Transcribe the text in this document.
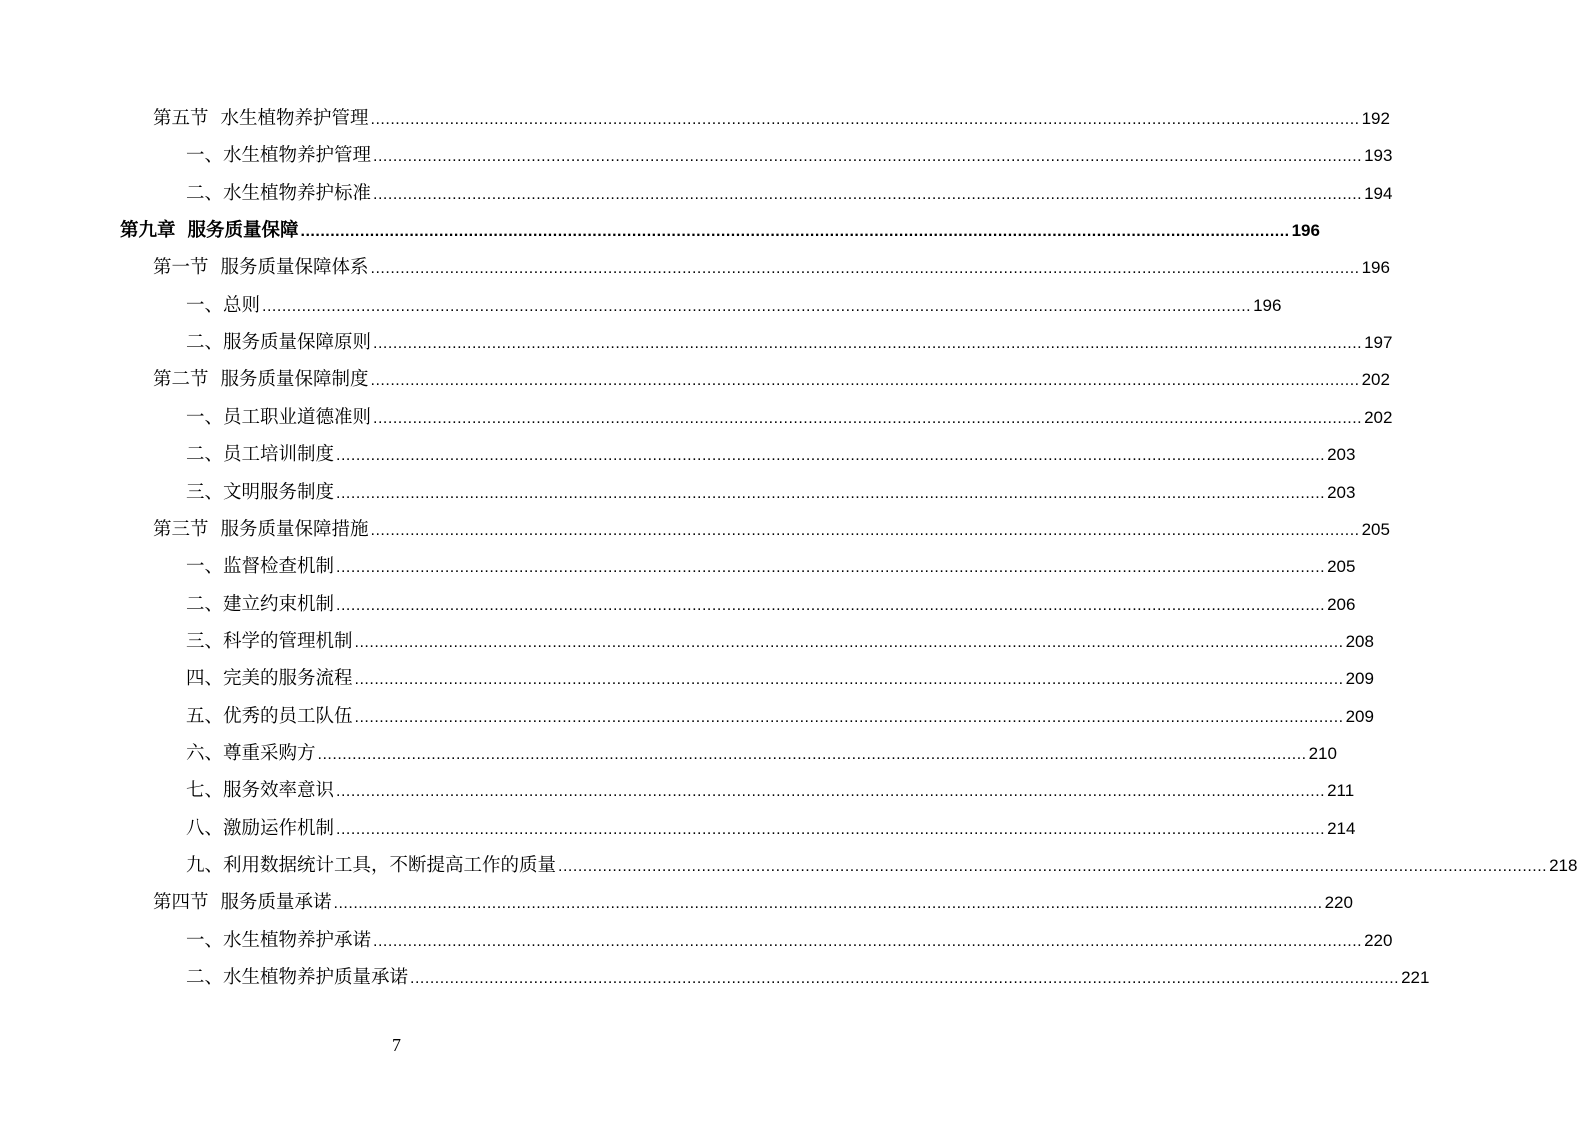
第五节 水生植物养护管理 ........................................................................................................................................................................................................ 192
一、水生植物养护管理 ........................................................................................................................................................................................................ 193
二、水生植物养护标准 ........................................................................................................................................................................................................ 194
第九章 服务质量保障 ........................................................................................................................................................................................................ 196
第一节 服务质量保障体系 ........................................................................................................................................................................................................ 196
一、总则 ........................................................................................................................................................................................................ 196
二、服务质量保障原则 ........................................................................................................................................................................................................ 197
第二节 服务质量保障制度 ........................................................................................................................................................................................................ 202
一、员工职业道德准则 ........................................................................................................................................................................................................ 202
二、员工培训制度 ........................................................................................................................................................................................................ 203
三、文明服务制度 ........................................................................................................................................................................................................ 203
第三节 服务质量保障措施 ........................................................................................................................................................................................................ 205
一、监督检查机制 ........................................................................................................................................................................................................ 205
二、建立约束机制 ........................................................................................................................................................................................................ 206
三、科学的管理机制 ........................................................................................................................................................................................................ 208
四、完美的服务流程 ........................................................................................................................................................................................................ 209
五、优秀的员工队伍 ........................................................................................................................................................................................................ 209
六、尊重采购方 ........................................................................................................................................................................................................ 210
七、服务效率意识 ........................................................................................................................................................................................................ 211
八、激励运作机制 ........................................................................................................................................................................................................ 214
九、利用数据统计工具，不断提高工作的质量 ........................................................................................................................................................................................................ 218
第四节 服务质量承诺 ........................................................................................................................................................................................................ 220
一、水生植物养护承诺 ........................................................................................................................................................................................................ 220
二、水生植物养护质量承诺 ........................................................................................................................................................................................................ 221
7
